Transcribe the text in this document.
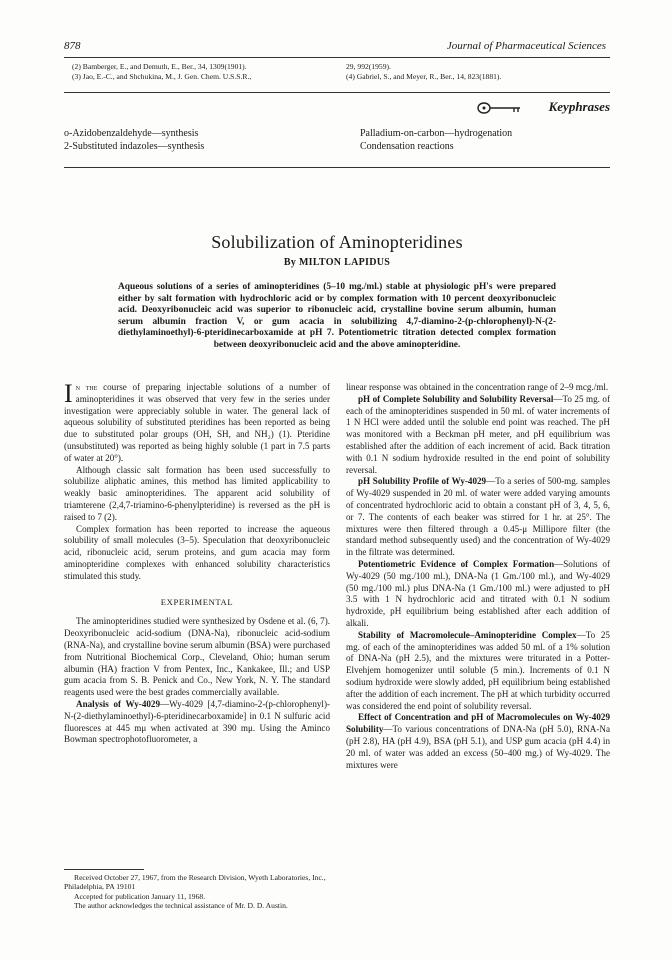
878	Journal of Pharmaceutical Sciences
(2) Bamberger, E., and Demuth, E., Ber., 34, 1309(1901).
(3) Jao, E.-C., and Shchukina, M., J. Gen. Chem. U.S.S.R.,
29, 992(1959).
(4) Gabriel, S., and Meyer, R., Ber., 14, 823(1881).
Keyphrases
o-Azidobenzaldehyde—synthesis
2-Substituted indazoles—synthesis
Palladium-on-carbon—hydrogenation
Condensation reactions
Solubilization of Aminopteridines
By MILTON LAPIDUS
Aqueous solutions of a series of aminopteridines (5–10 mg./ml.) stable at physiologic pH's were prepared either by salt formation with hydrochloric acid or by complex formation with 10 percent deoxyribonucleic acid. Deoxyribonucleic acid was superior to ribonucleic acid, crystalline bovine serum albumin, human serum albumin fraction V, or gum acacia in solubilizing 4,7-diamino-2-(p-chlorophenyl)-N-(2-diethylaminoethyl)-6-pteridinecarboxamide at pH 7. Potentiometric titration detected complex formation between deoxyribonucleic acid and the above aminopteridine.

In the course of preparing injectable solutions of a number of aminopteridines it was observed that very few in the series under investigation were appreciably soluble in water. The general lack of aqueous solubility of substituted pteridines has been reported as being due to substituted polar groups (OH, SH, and NH₂) (1). Pteridine (unsubstituted) was reported as being highly soluble (1 part in 7.5 parts of water at 20°).

Although classic salt formation has been used successfully to solubilize aliphatic amines, this method has limited applicability to weakly basic aminopteridines. The apparent acid solubility of triamterene (2,4,7-triamino-6-phenylpteridine) is reversed as the pH is raised to 7 (2).

Complex formation has been reported to increase the aqueous solubility of small molecules (3–5). Speculation that deoxyribonucleic acid, ribonucleic acid, serum proteins, and gum acacia may form aminopteridine complexes with enhanced solubility characteristics stimulated this study.

EXPERIMENTAL

The aminopteridines studied were synthesized by Osdene et al. (6, 7). Deoxyribonucleic acid-sodium (DNA-Na), ribonucleic acid-sodium (RNA-Na), and crystalline bovine serum albumin (BSA) were purchased from Nutritional Biochemical Corp., Cleveland, Ohio; human serum albumin (HA) fraction V from Pentex, Inc., Kankakee, Ill.; and USP gum acacia from S. B. Penick and Co., New York, N. Y. The standard reagents used were the best grades commercially available.

Analysis of Wy-4029—Wy-4029 [4,7-diamino-2-(p-chlorophenyl)-N-(2-diethylaminoethyl)-6-pteridinecarboxamide] in 0.1 N sulfuric acid fluoresces at 445 mμ when activated at 390 mμ. Using the Aminco Bowman spectrophotofluorometer, a

linear response was obtained in the concentration range of 2–9 mcg./ml.

pH of Complete Solubility and Solubility Reversal—To 25 mg. of each of the aminopteridines suspended in 50 ml. of water increments of 1 N HCl were added until the soluble end point was reached. The pH was monitored with a Beckman pH meter, and pH equilibrium was established after the addition of each increment of acid. Back titration with 0.1 N sodium hydroxide resulted in the end point of solubility reversal.

pH Solubility Profile of Wy-4029—To a series of 500-mg. samples of Wy-4029 suspended in 20 ml. of water were added varying amounts of concentrated hydrochloric acid to obtain a constant pH of 3, 4, 5, 6, or 7. The contents of each beaker was stirred for 1 hr. at 25°. The mixtures were then filtered through a 0.45-μ Millipore filter (the standard method subsequently used) and the concentration of Wy-4029 in the filtrate was determined.

Potentiometric Evidence of Complex Formation—Solutions of Wy-4029 (50 mg./100 ml.), DNA-Na (1 Gm./100 ml.), and Wy-4029 (50 mg./100 ml.) plus DNA-Na (1 Gm./100 ml.) were adjusted to pH 3.5 with 1 N hydrochloric acid and titrated with 0.1 N sodium hydroxide, pH equilibrium being established after each addition of alkali.

Stability of Macromolecule–Aminopteridine Complex—To 25 mg. of each of the aminopteridines was added 50 ml. of a 1% solution of DNA-Na (pH 2.5), and the mixtures were triturated in a Potter-Elvehjem homogenizer until soluble (5 min.). Increments of 0.1 N sodium hydroxide were slowly added, pH equilibrium being established after the addition of each increment. The pH at which turbidity occurred was considered the end point of solubility reversal.

Effect of Concentration and pH of Macromolecules on Wy-4029 Solubility—To various concentrations of DNA-Na (pH 5.0), RNA-Na (pH 2.8), HA (pH 4.9), BSA (pH 5.1), and USP gum acacia (pH 4.4) in 20 ml. of water was added an excess (50–400 mg.) of Wy-4029. The mixtures were

Received October 27, 1967, from the Research Division, Wyeth Laboratories, Inc., Philadelphia, PA 19101

Accepted for publication January 11, 1968.

The author acknowledges the technical assistance of Mr. D. D. Austin.
